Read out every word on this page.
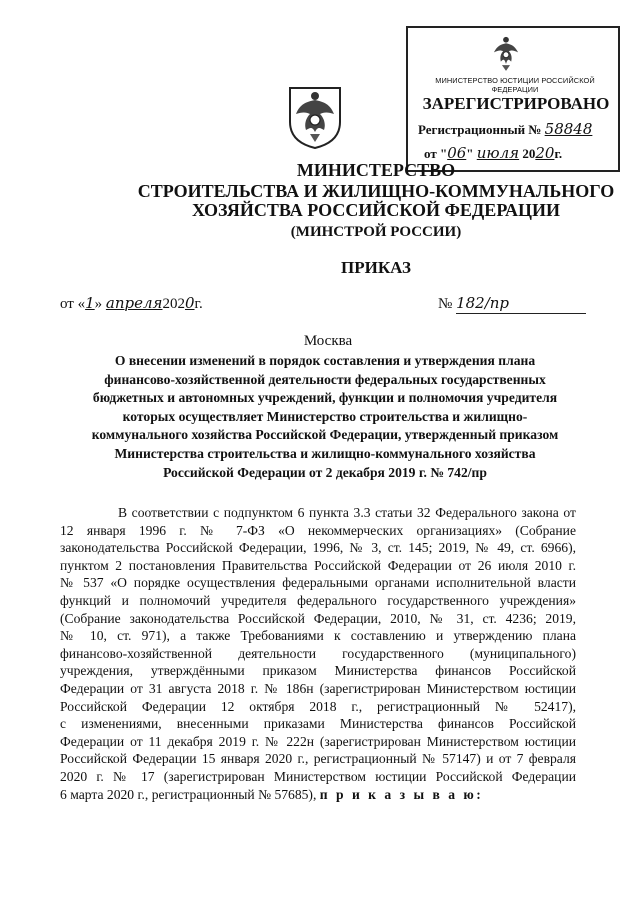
МИНИСТЕРСТВО ЮСТИЦИИ РОССИЙСКОЙ ФЕДЕРАЦИИ
ЗАРЕГИСТРИРОВАНО
Регистрационный № 58848
от "06" июля 2020г.
МИНИСТЕРСТВО
СТРОИТЕЛЬСТВА И ЖИЛИЩНО-КОММУНАЛЬНОГО
ХОЗЯЙСТВА РОССИЙСКОЙ ФЕДЕРАЦИИ
(МИНСТРОЙ РОССИИ)
ПРИКАЗ
от «1» апреля2020г.	№ 182/пр
Москва
О внесении изменений в порядок составления и утверждения плана
финансово-хозяйственной деятельности федеральных государственных
бюджетных и автономных учреждений, функции и полномочия учредителя
которых осуществляет Министерство строительства и жилищно-
коммунального хозяйства Российской Федерации, утвержденный приказом
Министерства строительства и жилищно-коммунального хозяйства
Российской Федерации от 2 декабря 2019 г. № 742/пр
В соответствии с подпунктом 6 пункта 3.3 статьи 32 Федерального закона от
12 января 1996 г. № 7-ФЗ «О некоммерческих организациях» (Собрание
законодательства Российской Федерации, 1996, № 3, ст. 145; 2019, № 49, ст. 6966),
пунктом 2 постановления Правительства Российской Федерации от 26 июля 2010 г.
№ 537 «О порядке осуществления федеральными органами исполнительной власти
функций и полномочий учредителя федерального государственного учреждения»
(Собрание законодательства Российской Федерации, 2010, № 31, ст. 4236; 2019,
№ 10, ст. 971), а также Требованиями к составлению и утверждению плана
финансово-хозяйственной деятельности государственного (муниципального)
учреждения, утверждёнными приказом Министерства финансов Российской
Федерации от 31 августа 2018 г. № 186н (зарегистрирован Министерством юстиции
Российской Федерации 12 октября 2018 г., регистрационный № 52417),
с изменениями, внесенными приказами Министерства финансов Российской
Федерации от 11 декабря 2019 г. № 222н (зарегистрирован Министерством юстиции
Российской Федерации 15 января 2020 г., регистрационный № 57147) и от 7 февраля
2020 г. № 17 (зарегистрирован Министерством юстиции Российской Федерации
6 марта 2020 г., регистрационный № 57685), п р и к а з ы в а ю:
